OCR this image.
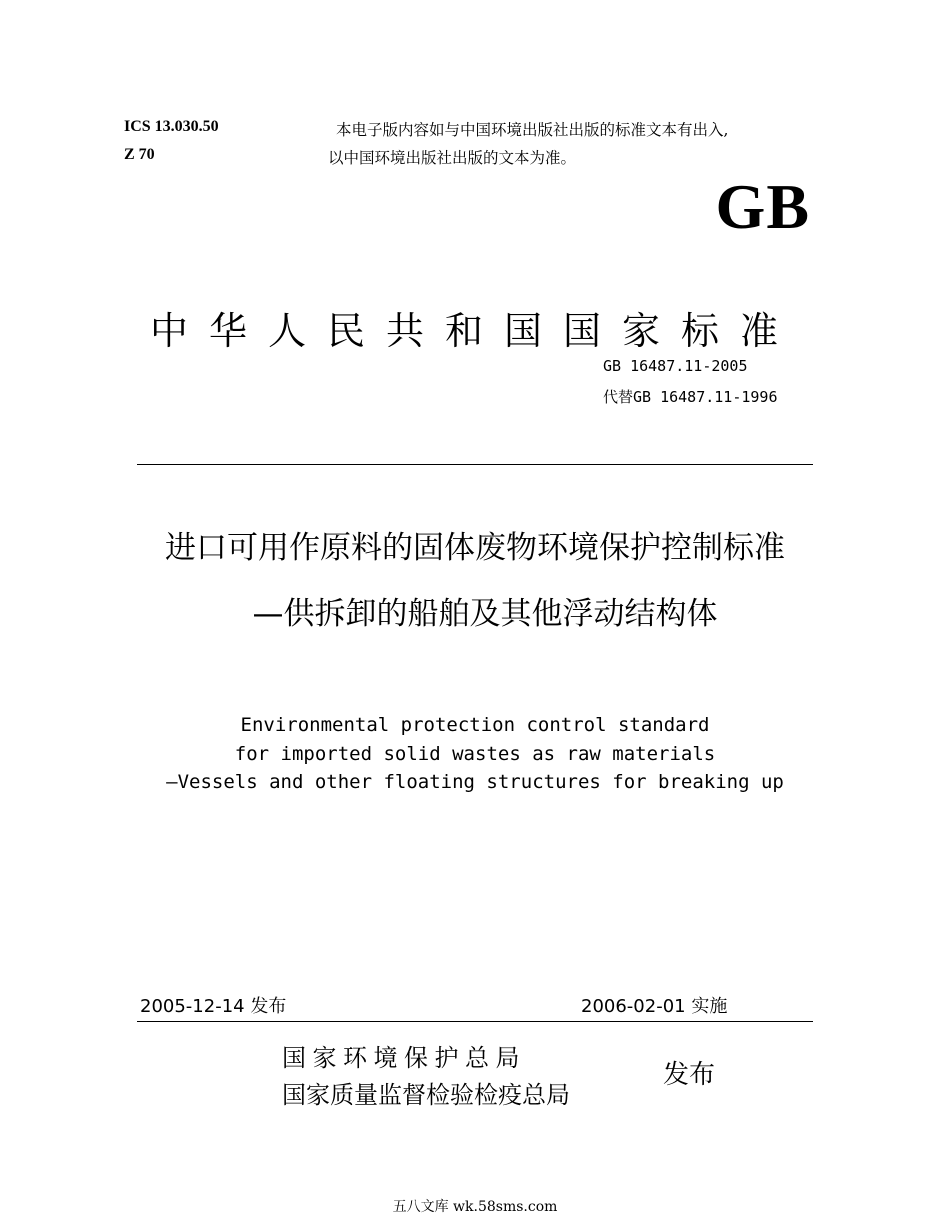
ICS 13.030.50
Z 70
本电子版内容如与中国环境出版社出版的标准文本有出入,
以中国环境出版社出版的文本为准。
GB
中华人民共和国国家标准
GB 16487.11-2005
代替GB 16487.11-1996
进口可用作原料的固体废物环境保护控制标准
—供拆卸的船舶及其他浮动结构体
Environmental protection control standard
for imported solid wastes as raw materials
—Vessels and other floating structures for breaking up
2005-12-14 发布	2006-02-01 实施
国家环境保护总局
国家质量监督检验检疫总局
发布
五八文库 wk.58sms.com
